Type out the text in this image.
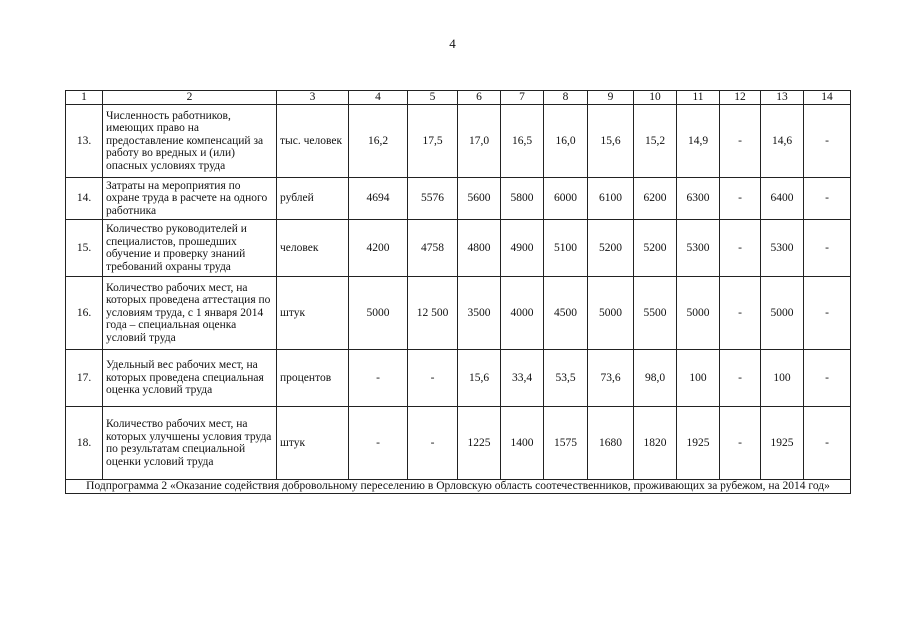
4
1	2	3	4	5	6	7	8	9	10	11	12	13	14
13.	Численность работников, имеющих право на предоставление компенсаций за работу во вредных и (или) опасных условиях труда	тыс. человек	16,2	17,5	17,0	16,5	16,0	15,6	15,2	14,9	-	14,6	-
14.	Затраты на мероприятия по охране труда в расчете на одного работника	рублей	4694	5576	5600	5800	6000	6100	6200	6300	-	6400	-
15.	Количество руководителей и специалистов, прошедших обучение и проверку знаний требований охраны труда	человек	4200	4758	4800	4900	5100	5200	5200	5300	-	5300	-
16.	Количество рабочих мест, на которых проведена аттестация по условиям труда, с 1 января 2014 года – специальная оценка условий труда	штук	5000	12 500	3500	4000	4500	5000	5500	5000	-	5000	-
17.	Удельный вес рабочих мест, на которых проведена специальная оценка условий труда	процентов	-	-	15,6	33,4	53,5	73,6	98,0	100	-	100	-
18.	Количество рабочих мест, на которых улучшены условия труда по результатам специальной оценки условий труда	штук	-	-	1225	1400	1575	1680	1820	1925	-	1925	-
Подпрограмма 2 «Оказание содействия добровольному переселению в Орловскую область соотечественников, проживающих за рубежом, на 2014 год»													
